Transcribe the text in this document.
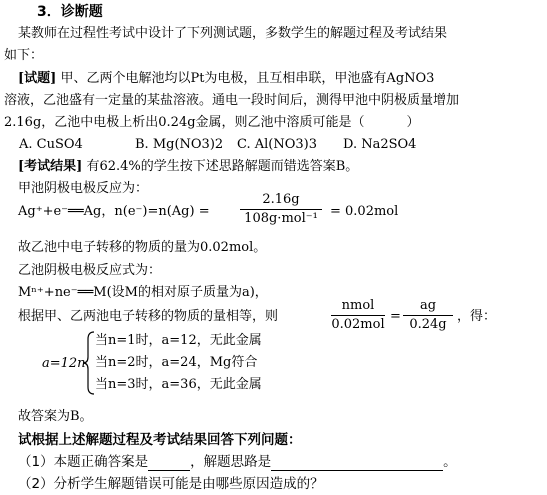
3．诊断题
某教师在过程性考试中设计了下列测试题，多数学生的解题过程及考试结果
如下：
[试题] 甲、乙两个电解池均以Pt为电极，且互相串联，甲池盛有AgNO3
溶液，乙池盛有一定量的某盐溶液。通电一段时间后，测得甲池中阴极质量增加
2.16g，乙池中电极上析出0.24g金属，则乙池中溶质可能是（	）
A. CuSO4	B. Mg(NO3)2 C. Al(NO3)3 D. Na2SO4
[考试结果] 有62.4%的学生按下述思路解题而错选答案B。
甲池阴极电极反应为：
Ag⁺+e⁻══Ag，n(e⁻)=n(Ag) =
2.16g
108g·mol⁻¹ = 0.02mol
故乙池中电子转移的物质的量为0.02mol。
乙池阴极电极反应式为：
Mⁿ⁺+ne⁻══M(设M的相对原子质量为a)，
根据甲、乙两池电子转移的物质的量相等，则
nmol
0.02mol
=
ag
0.24g
，得：
a=12n
当n=1时，a=12，无此金属
当n=2时，a=24，Mg符合
当n=3时，a=36，无此金属
故答案为B。
试根据上述解题过程及考试结果回答下列问题：
（1）本题正确答案是	，解题思路是	。
（2）分析学生解题错误可能是由哪些原因造成的？
